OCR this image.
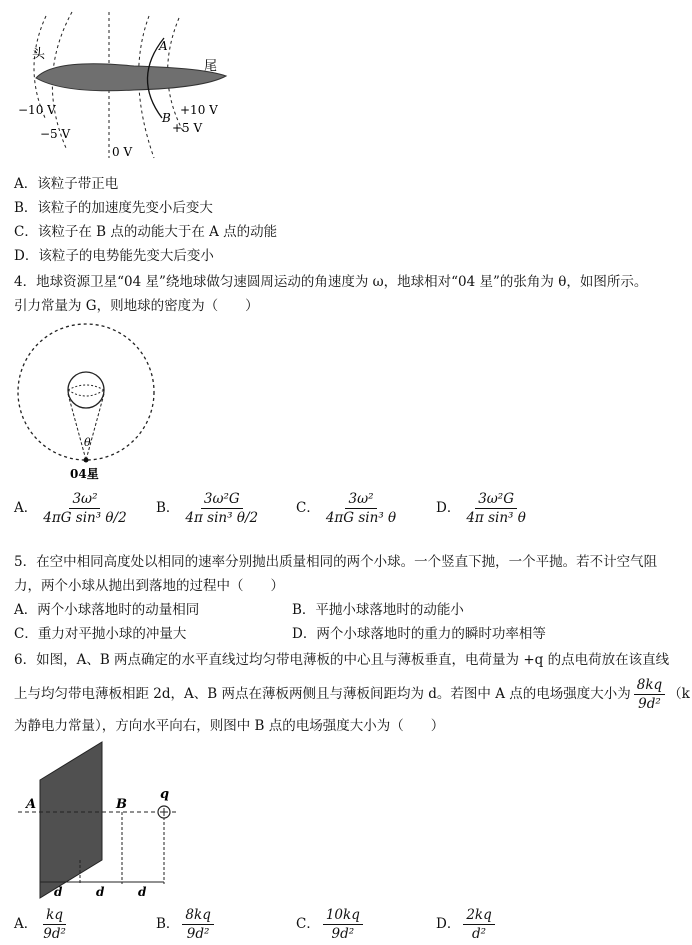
头
尾
A
B
−10 V
−5 V
0 V
+10 V
+5 V
A．该粒子带正电
B．该粒子的加速度先变小后变大
C．该粒子在 B 点的动能大于在 A 点的动能
D．该粒子的电势能先变大后变小
4．地球资源卫星“04 星”绕地球做匀速圆周运动的角速度为 ω，地球相对“04 星”的张角为 θ，如图所示。
引力常量为 G，则地球的密度为（　　）
θ
04星
A． $\frac{\text{3ω²}}{\text{4πG sin³ θ/2}}$ B． $\frac{\text{3ω²G}}{\text{4π sin³ θ/2}}$	C． $\frac{\text{3ω²}}{\text{4πG sin³ θ}}$	D． $\frac{\text{3ω²G}}{\text{4π sin³ θ}}$
5．在空中相同高度处以相同的速率分别抛出质量相同的两个小球。一个竖直下抛，一个平抛。若不计空气阻
力，两个小球从抛出到落地的过程中（　　）
A．两个小球落地时的动量相同	B．平抛小球落地时的动能小
C．重力对平抛小球的冲量大	D．两个小球落地时的重力的瞬时功率相等
6．如图，A、B 两点确定的水平直线过均匀带电薄板的中心且与薄板垂直，电荷量为 +q 的点电荷放在该直线
上与均匀带电薄板相距 2d，A、B 两点在薄板两侧且与薄板间距均为 d。若图中 A 点的电场强度大小为 $\frac{8kq}{\text{9d²}} (k$
为静电力常量），方向水平向右，则图中 B 点的电场强度大小为（　　）
A	B
q
d	d	d
A． $\frac{kq}{\text{9d²}}$	B． $\frac{8kq}{\text{9d²}}$	C． $\frac{10kq}{\text{9d²}}$	D． $\frac{2kq}{\text{d²}}$
